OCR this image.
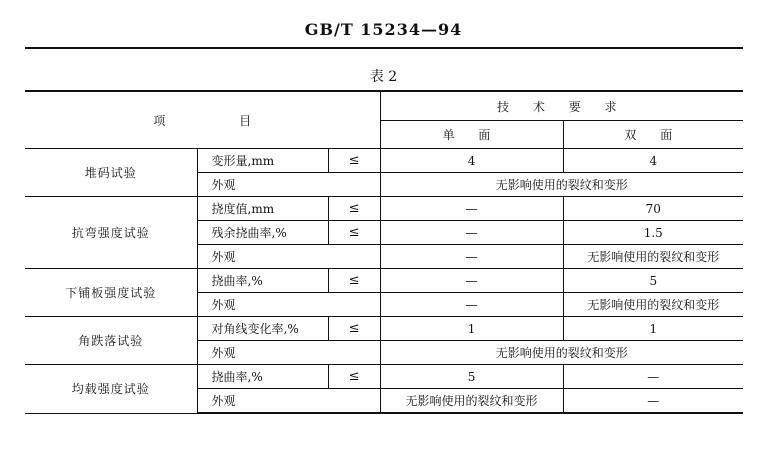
GB/T 15234—94
表 2
项 目			技 术 要 求	
			单 面	双 面
堆码试验	变形量,mm	≤	4	4
	外观		无影响使用的裂纹和变形	
抗弯强度试验	挠度值,mm	≤	—	70
	残余挠曲率,%	≤	—	1.5
	外观		—	无影响使用的裂纹和变形
下铺板强度试验	挠曲率,%	≤	—	5
	外观		—	无影响使用的裂纹和变形
角跌落试验	对角线变化率,%	≤	1	1
	外观		无影响使用的裂纹和变形	
均载强度试验	挠曲率,%	≤	5	—
	外观		无影响使用的裂纹和变形	—
